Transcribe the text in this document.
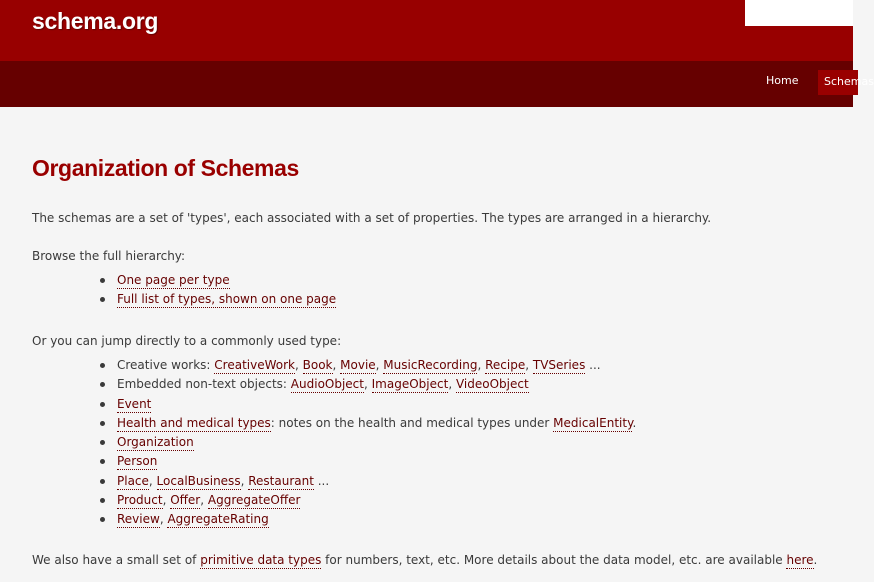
schema.org
Home	Schemas
Organization of Schemas

The schemas are a set of 'types', each associated with a set of properties. The types are arranged in a hierarchy.

Browse the full hierarchy:

One page per type
Full list of types, shown on one page

Or you can jump directly to a commonly used type:

Creative works: CreativeWork, Book, Movie, MusicRecording, Recipe, TVSeries ...
Embedded non-text objects: AudioObject, ImageObject, VideoObject
Event
Health and medical types: notes on the health and medical types under MedicalEntity.
Organization
Person
Place, LocalBusiness, Restaurant ...
Product, Offer, AggregateOffer
Review, AggregateRating

We also have a small set of primitive data types for numbers, text, etc. More details about the data model, etc. are available here.
